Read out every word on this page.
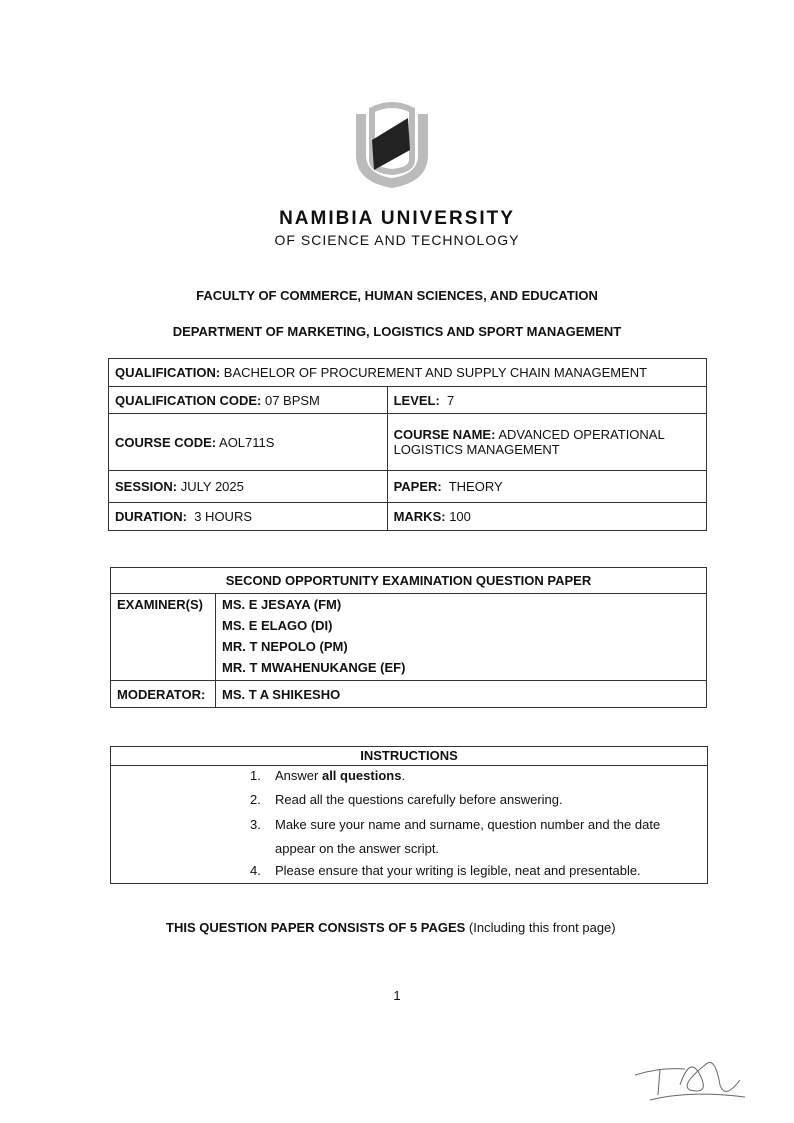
NAMIBIA UNIVERSITY
OF SCIENCE AND TECHNOLOGY
FACULTY OF COMMERCE, HUMAN SCIENCES, AND EDUCATION
DEPARTMENT OF MARKETING, LOGISTICS AND SPORT MANAGEMENT
QUALIFICATION: BACHELOR OF PROCUREMENT AND SUPPLY CHAIN MANAGEMENT	
QUALIFICATION CODE: 07 BPSM	LEVEL:  7
COURSE CODE: AOL711S	COURSE NAME: ADVANCED OPERATIONAL LOGISTICS MANAGEMENT
SESSION: JULY 2025	PAPER:  THEORY
DURATION:  3 HOURS	MARKS: 100
SECOND OPPORTUNITY EXAMINATION QUESTION PAPER	
EXAMINER(S)	MS. E JESAYA (FM)
MS. E ELAGO (DI)
MR. T NEPOLO (PM)
MR. T MWAHENUKANGE (EF)

MODERATOR:	MS. T A SHIKESHO
INSTRUCTIONS
1.	Answer all questions.
2.	Read all the questions carefully before answering.
3.	Make sure your name and surname, question number and the date appear on the answer script.
4.	Please ensure that your writing is legible, neat and presentable.
THIS QUESTION PAPER CONSISTS OF 5 PAGES (Including this front page)
1
